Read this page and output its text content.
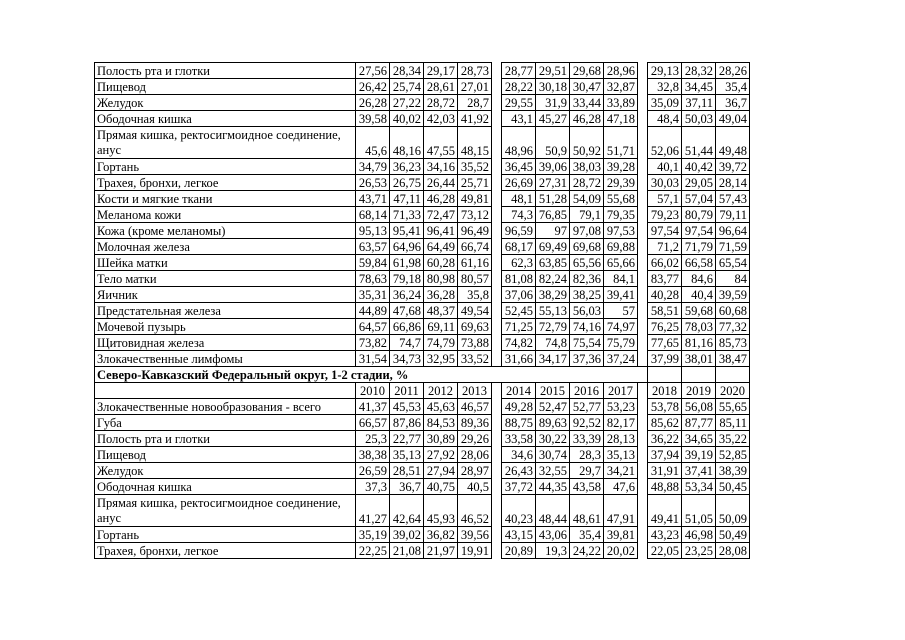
Полость рта и глотки	27,56	28,34	29,17	28,73		28,77	29,51	29,68	28,96		29,13	28,32	28,26
Пищевод	26,42	25,74	28,61	27,01		28,22	30,18	30,47	32,87		32,8	34,45	35,4
Желудок	26,28	27,22	28,72	28,7		29,55	31,9	33,44	33,89		35,09	37,11	36,7
Ободочная кишка	39,58	40,02	42,03	41,92		43,1	45,27	46,28	47,18		48,4	50,03	49,04
Прямая кишка, ректосигмоидное соединение, анус	45,6	48,16	47,55	48,15		48,96	50,9	50,92	51,71		52,06	51,44	49,48
Гортань	34,79	36,23	34,16	35,52		36,45	39,06	38,03	39,28		40,1	40,42	39,72
Трахея, бронхи, легкое	26,53	26,75	26,44	25,71		26,69	27,31	28,72	29,39		30,03	29,05	28,14
Кости и мягкие ткани	43,71	47,11	46,28	49,81		48,1	51,28	54,09	55,68		57,1	57,04	57,43
Меланома кожи	68,14	71,33	72,47	73,12		74,3	76,85	79,1	79,35		79,23	80,79	79,11
Кожа (кроме меланомы)	95,13	95,41	96,41	96,49		96,59	97	97,08	97,53		97,54	97,54	96,64
Молочная железа	63,57	64,96	64,49	66,74		68,17	69,49	69,68	69,88		71,2	71,79	71,59
Шейка матки	59,84	61,98	60,28	61,16		62,3	63,85	65,56	65,66		66,02	66,58	65,54
Тело матки	78,63	79,18	80,98	80,57		81,08	82,24	82,36	84,1		83,77	84,6	84
Яичник	35,31	36,24	36,28	35,8		37,06	38,29	38,25	39,41		40,28	40,4	39,59
Предстательная железа	44,89	47,68	48,37	49,54		52,45	55,13	56,03	57		58,51	59,68	60,68
Мочевой пузырь	64,57	66,86	69,11	69,63		71,25	72,79	74,16	74,97		76,25	78,03	77,32
Щитовидная железа	73,82	74,7	74,79	73,88		74,82	74,8	75,54	75,79		77,65	81,16	85,73
Злокачественные лимфомы	31,54	34,73	32,95	33,52		31,66	34,17	37,36	37,24		37,99	38,01	38,47
Северо-Кавказский Федеральный округ, 1-2 стадии, %													
	2010	2011	2012	2013		2014	2015	2016	2017		2018	2019	2020
Злокачественные новообразования - всего	41,37	45,53	45,63	46,57		49,28	52,47	52,77	53,23		53,78	56,08	55,65
Губа	66,57	87,86	84,53	89,36		88,75	89,63	92,52	82,17		85,62	87,77	85,11
Полость рта и глотки	25,3	22,77	30,89	29,26		33,58	30,22	33,39	28,13		36,22	34,65	35,22
Пищевод	38,38	35,13	27,92	28,06		34,6	30,74	28,3	35,13		37,94	39,19	52,85
Желудок	26,59	28,51	27,94	28,97		26,43	32,55	29,7	34,21		31,91	37,41	38,39
Ободочная кишка	37,3	36,7	40,75	40,5		37,72	44,35	43,58	47,6		48,88	53,34	50,45
Прямая кишка, ректосигмоидное соединение, анус	41,27	42,64	45,93	46,52		40,23	48,44	48,61	47,91		49,41	51,05	50,09
Гортань	35,19	39,02	36,82	39,56		43,15	43,06	35,4	39,81		43,23	46,98	50,49
Трахея, бронхи, легкое	22,25	21,08	21,97	19,91		20,89	19,3	24,22	20,02		22,05	23,25	28,08
